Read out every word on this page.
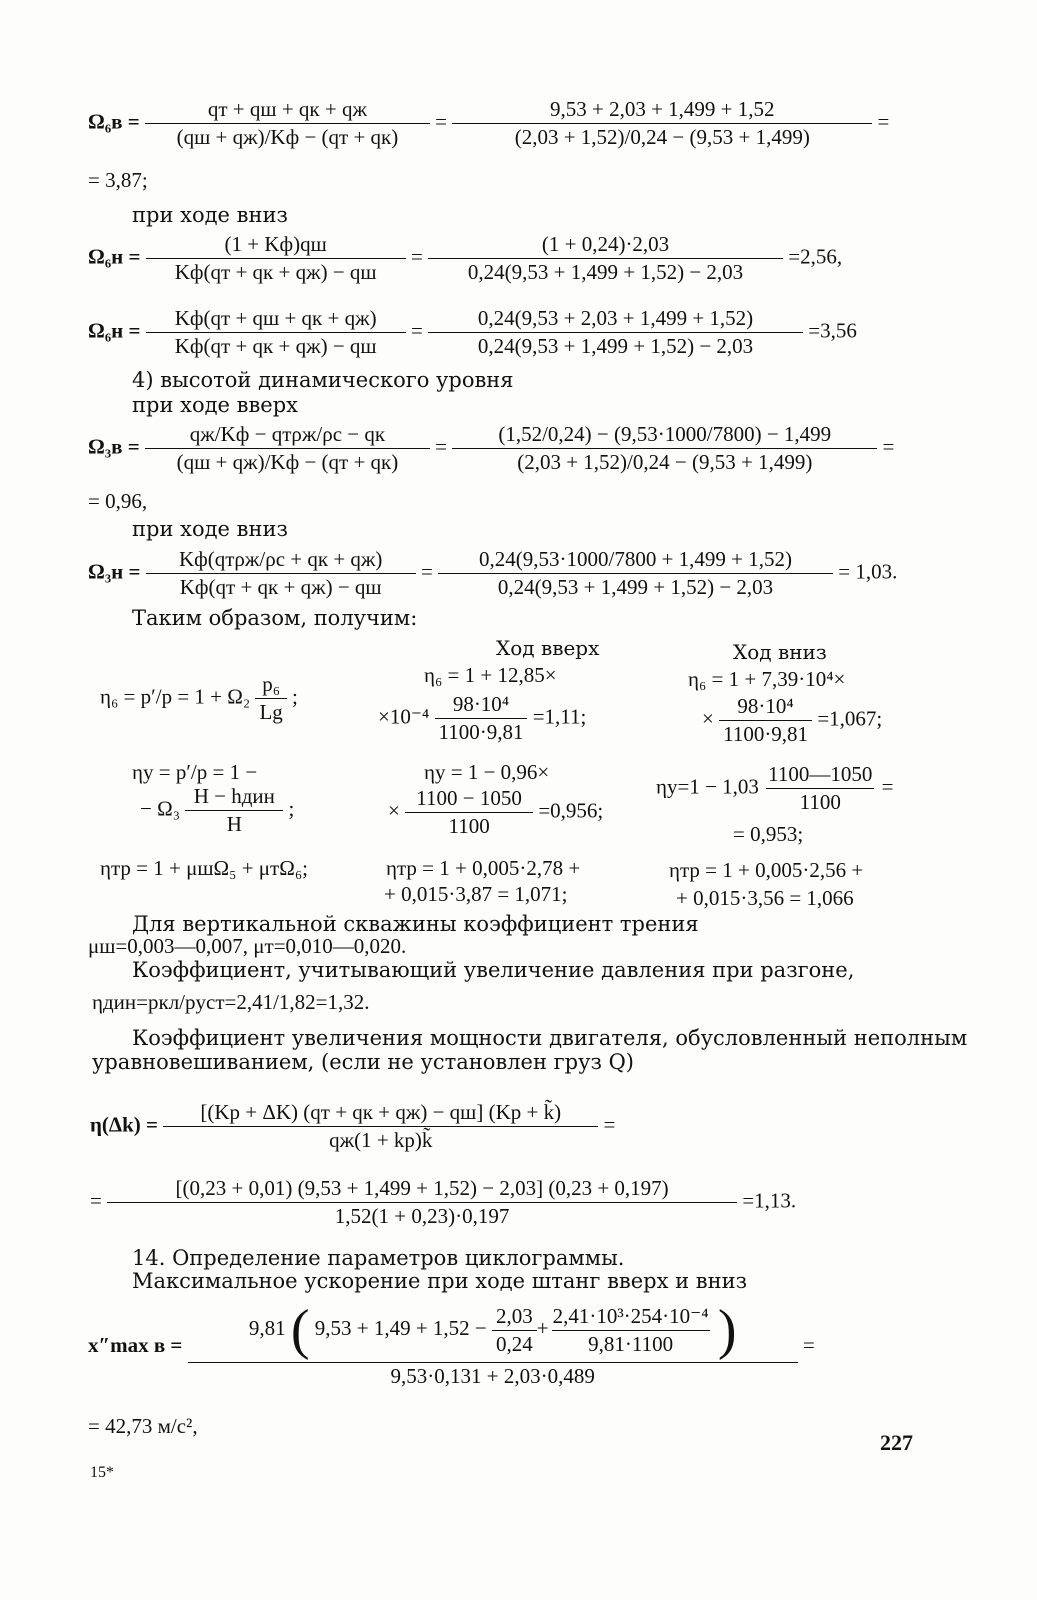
$\Omega_6в = \frac{qт + qш + qк + qж}{(qш + qж)/Kф - (qт + qк)} = \frac{9,53 + 2,03 + 1,499 + 1,52}{(2,03 + 1,52)/0,24 - (9,53 + 1,499)}$ =
= 3,87;
при ходе вниз
$\Omega_6н = \frac{(1 + Kф)qш}{Kф(qт + qк + qж) - qш} = \frac{(1 + 0,24)\cdot 2,03}{0,24(9,53 + 1,499 + 1,52) - 2,03} =2,56$,
$\Omega_6н = \frac{Kф(qт + qш + qк + qж)}{Kф(qт + qк + qж) - qш} = \frac{0,24(9,53 + 2,03 + 1,499 + 1,52)}{0,24(9,53 + 1,499 + 1,52) - 2,03} =3,56$
4) высотой динамического уровня
при ходе вверх
$\Omega_3в = \frac{\text{qж/Kф − qтρж/ρс − qк}}{(qш + qж)/Kф - (qт + qк)} = \frac{(1,52/0,24) - (9,53\cdot 1000/7800) - 1,499}{(2,03 + 1,52)/0,24 - (9,53 + 1,499)}$ =
= 0,96,
при ходе вниз
$\Omega_3н = \frac{\text{Kф(qтρж/ρс + qк + qж)}}{Kф(qт + qк + qж) - qш} = \frac{0,24(9,53\cdot 1000/7800 + 1,499 + 1,52)}{0,24(9,53 + 1,499 + 1,52) - 2,03} = 1,03$.
Таким образом, получим:
Ход вверх	Ход вниз
$\eta_6 = p'/p = 1 + \Omega_2 \frac{\text{p₆}}{Lg}$ ;
η₆ = 1 + 12,85×
$\times 10^{-4} \frac{\text{98·10⁴}}{1100\cdot 9,81} =1,11$;
η₆ = 1 + 7,39·10⁴×
× $\frac{\text{98·10⁴}}{1100\cdot 9,81} =1,067$;
ηу = p′/p = 1 −
− $\Omega_3 \frac{\text{H − hдин}}{H}$ ;
ηу = 1 − 0,96×
× $\frac{1100 - 1050}{1100} =0,956$;
$\eta у=1 - 1,03 \frac{1100—1050}{1100}$ =
= 0,953;
ηтр = 1 + μшΩ₅ + μтΩ₆;	ηтр = 1 + 0,005·2,78 +
+ 0,015·3,87 = 1,071;
ηтр = 1 + 0,005·2,56 +
+ 0,015·3,56 = 1,066
Для вертикальной скважины коэффициент трения
μш=0,003—0,007, μт=0,010—0,020.
Коэффициент, учитывающий увеличение давления при разгоне,
ηдин=pкл/pуст=2,41/1,82=1,32.
Коэффициент увеличения мощности двигателя, обусловленный неполным
уравновешиванием, (если не установлен груз Q)
$\eta(\Delta k) = \frac{[(Kр + \Delta K) (qт + qк + qж) - qш] (Kр + k̃)}{qж(1 + kр)k̃}$ =
= $\frac{[(0,23 + 0,01) (9,53 + 1,499 + 1,52) - 2,03] (0,23 + 0,197)}{1,52(1 + 0,23)\cdot 0,197} =1,13$.
14. Определение параметров циклограммы.
Максимальное ускорение при ходе штанг вверх и вниз
x″max в =
9,81 ( $9,53 + 1,49 + 1,52 - \frac{2,03}{0,24} + \frac{\text{2,41·10³·254·10⁻⁴}}{9,81\cdot 1100}$ )
9,53·0,131 + 2,03·0,489
=
= 42,73 м/с²,
227
15*
